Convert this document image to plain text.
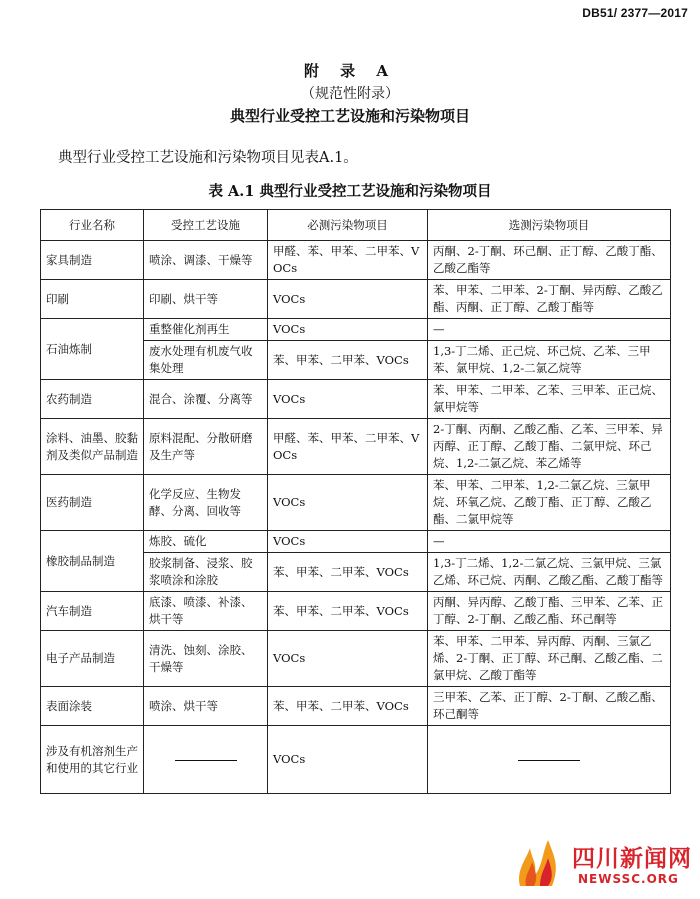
DB51/ 2377—2017
附 录 A
（规范性附录）
典型行业受控工艺设施和污染物项目
典型行业受控工艺设施和污染物项目见表A.1。
表 A.1 典型行业受控工艺设施和污染物项目
行业名称	受控工艺设施	必测污染物项目	选测污染物项目
家具制造	喷涂、调漆、干燥等	甲醛、苯、甲苯、二甲苯、VOCs	丙酮、2-丁酮、环己酮、正丁醇、乙酸丁酯、乙酸乙酯等
印刷	印刷、烘干等	VOCs	苯、甲苯、二甲苯、2-丁酮、异丙醇、乙酸乙酯、丙酮、正丁醇、乙酸丁酯等
石油炼制	重整催化剂再生	VOCs	—
	废水处理有机废气收集处理	苯、甲苯、二甲苯、VOCs	1,3-丁二烯、正己烷、环己烷、乙苯、三甲苯、氯甲烷、1,2-二氯乙烷等
农药制造	混合、涂覆、分离等	VOCs	苯、甲苯、二甲苯、乙苯、三甲苯、正己烷、氯甲烷等
涂料、油墨、胶黏剂及类似产品制造	原料混配、分散研磨及生产等	甲醛、苯、甲苯、二甲苯、VOCs	2-丁酮、丙酮、乙酸乙酯、乙苯、三甲苯、异丙醇、正丁醇、乙酸丁酯、二氯甲烷、环己烷、1,2-二氯乙烷、苯乙烯等
医药制造	化学反应、生物发酵、分离、回收等	VOCs	苯、甲苯、二甲苯、1,2-二氯乙烷、三氯甲烷、环氧乙烷、乙酸丁酯、正丁醇、乙酸乙酯、二氯甲烷等
橡胶制品制造	炼胶、硫化	VOCs	—
	胶浆制备、浸浆、胶浆喷涂和涂胶	苯、甲苯、二甲苯、VOCs	1,3-丁二烯、1,2-二氯乙烷、三氯甲烷、三氯乙烯、环己烷、丙酮、乙酸乙酯、乙酸丁酯等
汽车制造	底漆、喷漆、补漆、烘干等	苯、甲苯、二甲苯、VOCs	丙酮、异丙醇、乙酸丁酯、三甲苯、乙苯、正丁醇、2-丁酮、乙酸乙酯、环己酮等
电子产品制造	清洗、蚀刻、涂胶、干燥等	VOCs	苯、甲苯、二甲苯、异丙醇、丙酮、三氯乙烯、2-丁酮、正丁醇、环己酮、乙酸乙酯、二氯甲烷、乙酸丁酯等
表面涂装	喷涂、烘干等	苯、甲苯、二甲苯、VOCs	三甲苯、乙苯、正丁醇、2-丁酮、乙酸乙酯、环己酮等
涉及有机溶剂生产和使用的其它行业		VOCs	
四川新闻网
NEWSSC.ORG
